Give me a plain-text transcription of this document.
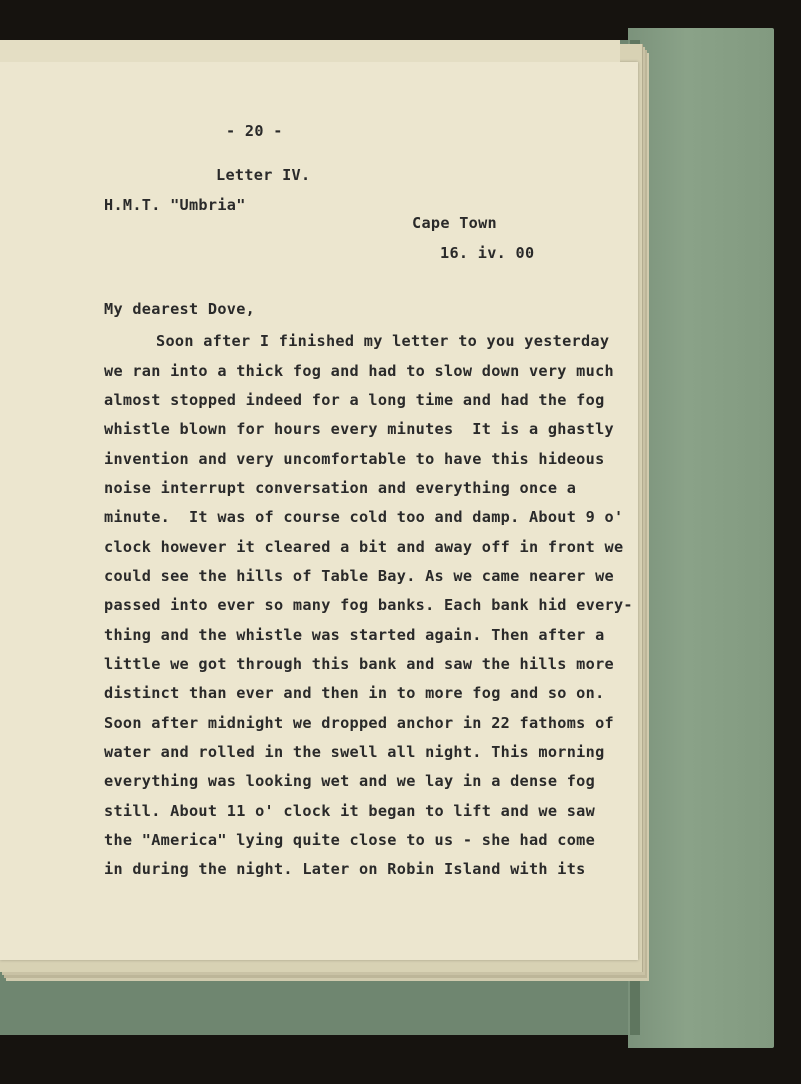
- 20 -

Letter IV.

H.M.T. "Umbria"

Cape Town

16. iv. 00

My dearest Dove,

Soon after I finished my letter to you yesterday

we ran into a thick fog and had to slow down very much

almost stopped indeed for a long time and had the fog

whistle blown for hours every minutes  It is a ghastly

invention and very uncomfortable to have this hideous

noise interrupt conversation and everything once a

minute.  It was of course cold too and damp. About 9 o'

clock however it cleared a bit and away off in front we

could see the hills of Table Bay. As we came nearer we

passed into ever so many fog banks. Each bank hid every-

thing and the whistle was started again. Then after a

little we got through this bank and saw the hills more

distinct than ever and then in to more fog and so on.

Soon after midnight we dropped anchor in 22 fathoms of

water and rolled in the swell all night. This morning

everything was looking wet and we lay in a dense fog

still. About 11 o' clock it began to lift and we saw

the "America" lying quite close to us - she had come

in during the night. Later on Robin Island with its
